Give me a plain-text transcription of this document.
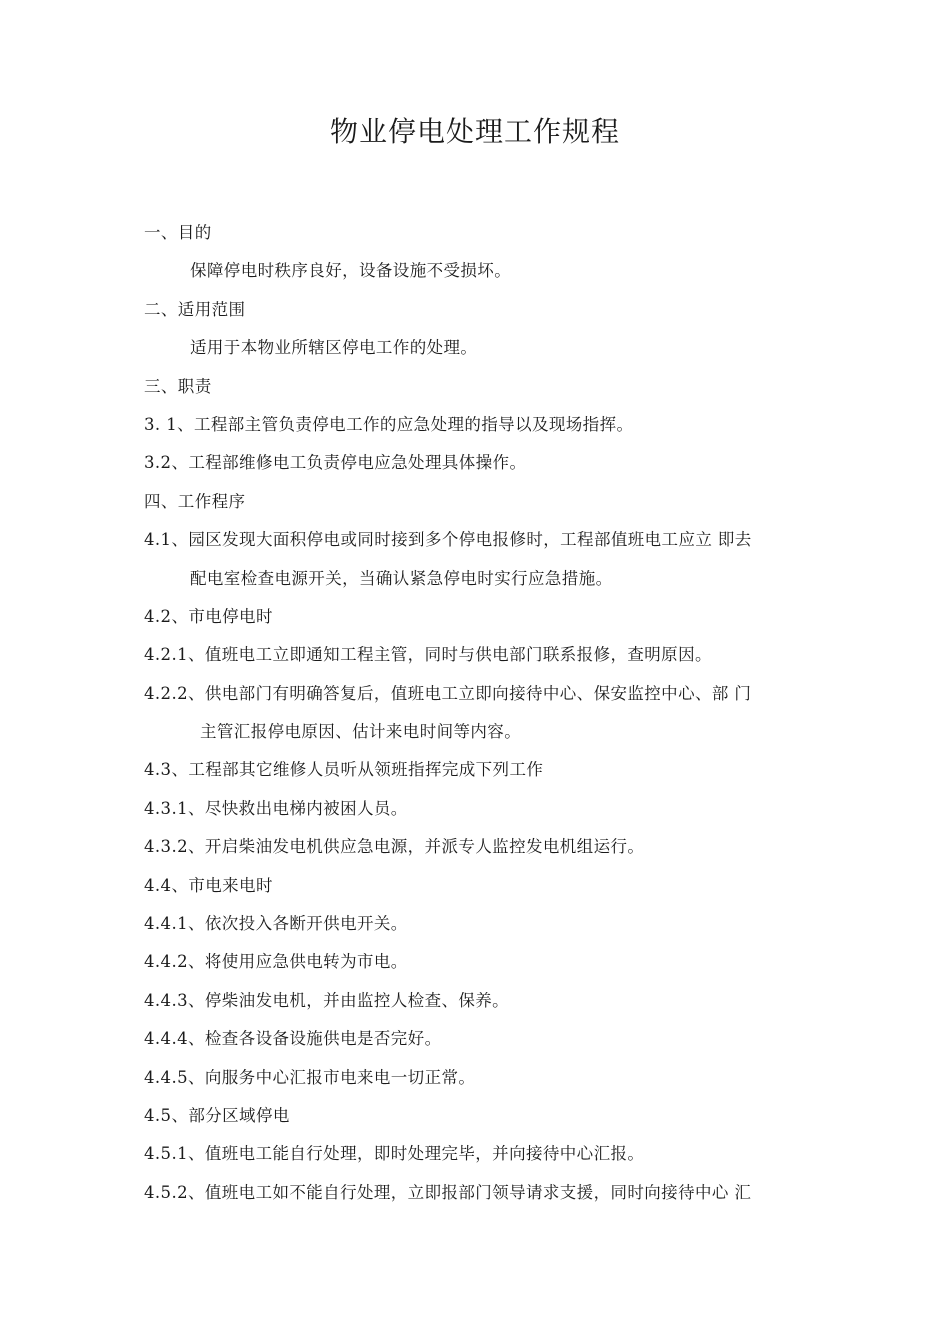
物业停电处理工作规程
一、目的
保障停电时秩序良好，设备设施不受损坏。
二、适用范围
适用于本物业所辖区停电工作的处理。
三、职责
3. 1、工程部主管负责停电工作的应急处理的指导以及现场指挥。
3.2、工程部维修电工负责停电应急处理具体操作。
四、工作程序
4.1、园区发现大面积停电或同时接到多个停电报修时，工程部值班电工应立 即去
配电室检查电源开关，当确认紧急停电时实行应急措施。
4.2、市电停电时
4.2.1、值班电工立即通知工程主管，同时与供电部门联系报修，查明原因。
4.2.2、供电部门有明确答复后，值班电工立即向接待中心、保安监控中心、部 门
主管汇报停电原因、估计来电时间等内容。
4.3、工程部其它维修人员听从领班指挥完成下列工作
4.3.1、尽快救出电梯内被困人员。
4.3.2、开启柴油发电机供应急电源，并派专人监控发电机组运行。
4.4、市电来电时
4.4.1、依次投入各断开供电开关。
4.4.2、将使用应急供电转为市电。
4.4.3、停柴油发电机，并由监控人检查、保养。
4.4.4、检查各设备设施供电是否完好。
4.4.5、向服务中心汇报市电来电一切正常。
4.5、部分区域停电
4.5.1、值班电工能自行处理，即时处理完毕，并向接待中心汇报。
4.5.2、值班电工如不能自行处理，立即报部门领导请求支援，同时向接待中心 汇
